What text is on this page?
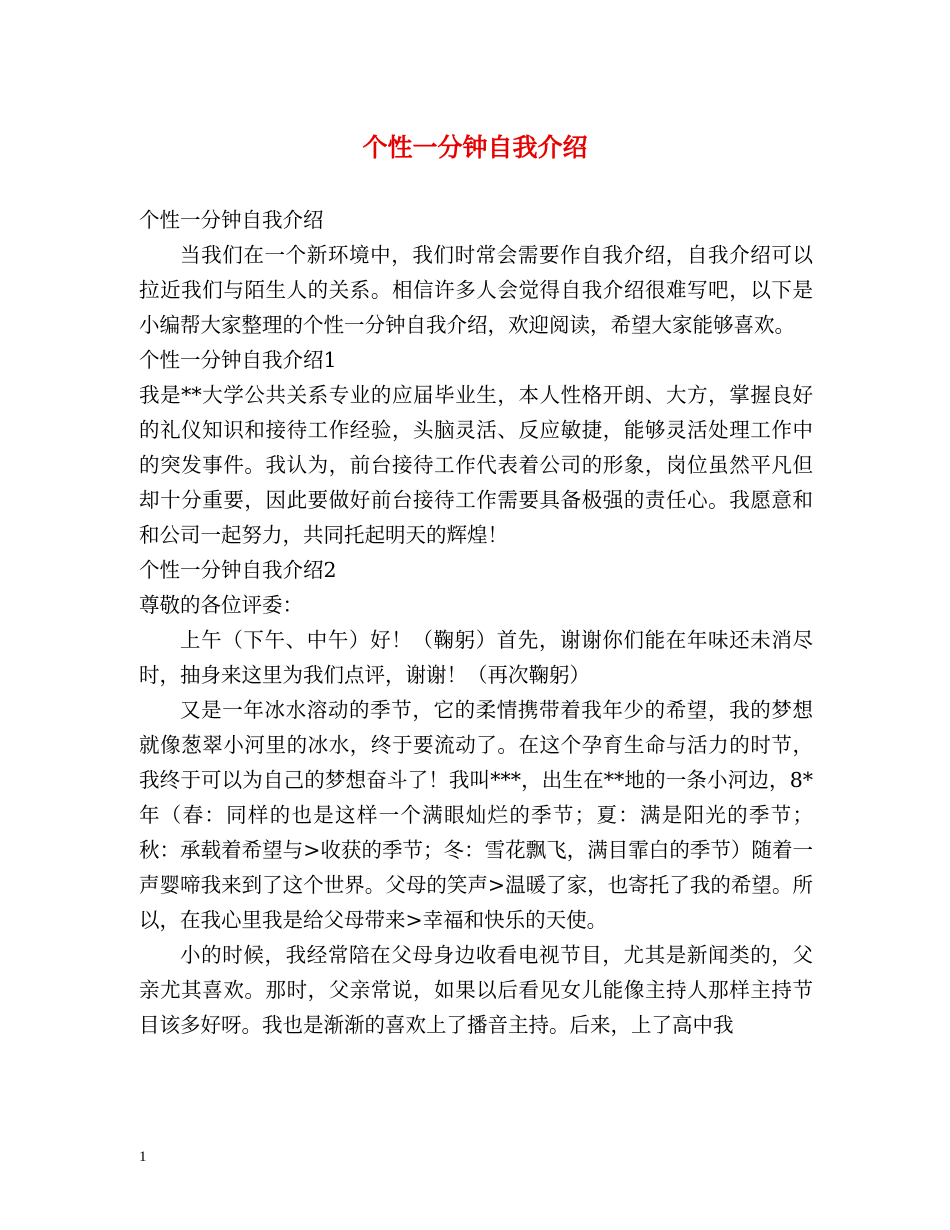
个性一分钟自我介绍

个性一分钟自我介绍

当我们在一个新环境中，我们时常会需要作自我介绍，自我介绍可以拉近我们与陌生人的关系。相信许多人会觉得自我介绍很难写吧，以下是小编帮大家整理的个性一分钟自我介绍，欢迎阅读，希望大家能够喜欢。

个性一分钟自我介绍1

我是**大学公共关系专业的应届毕业生，本人性格开朗、大方，掌握良好的礼仪知识和接待工作经验，头脑灵活、反应敏捷，能够灵活处理工作中的突发事件。我认为，前台接待工作代表着公司的形象，岗位虽然平凡但却十分重要，因此要做好前台接待工作需要具备极强的责任心。我愿意和和公司一起努力，共同托起明天的辉煌！

个性一分钟自我介绍2

尊敬的各位评委：

上午（下午、中午）好！（鞠躬）首先，谢谢你们能在年味还未消尽时，抽身来这里为我们点评，谢谢！（再次鞠躬）

又是一年冰水溶动的季节，它的柔情携带着我年少的希望，我的梦想就像葱翠小河里的冰水，终于要流动了。在这个孕育生命与活力的时节，我终于可以为自己的梦想奋斗了！我叫***，出生在**地的一条小河边，8*年（春：同样的也是这样一个满眼灿烂的季节；夏：满是阳光的季节；秋：承载着希望与>收获的季节；冬：雪花飘飞，满目霏白的季节）随着一声婴啼我来到了这个世界。父母的笑声>温暖了家，也寄托了我的希望。所以，在我心里我是给父母带来>幸福和快乐的天使。

小的时候，我经常陪在父母身边收看电视节目，尤其是新闻类的，父亲尤其喜欢。那时，父亲常说，如果以后看见女儿能像主持人那样主持节目该多好呀。我也是渐渐的喜欢上了播音主持。后来，上了高中我

1
